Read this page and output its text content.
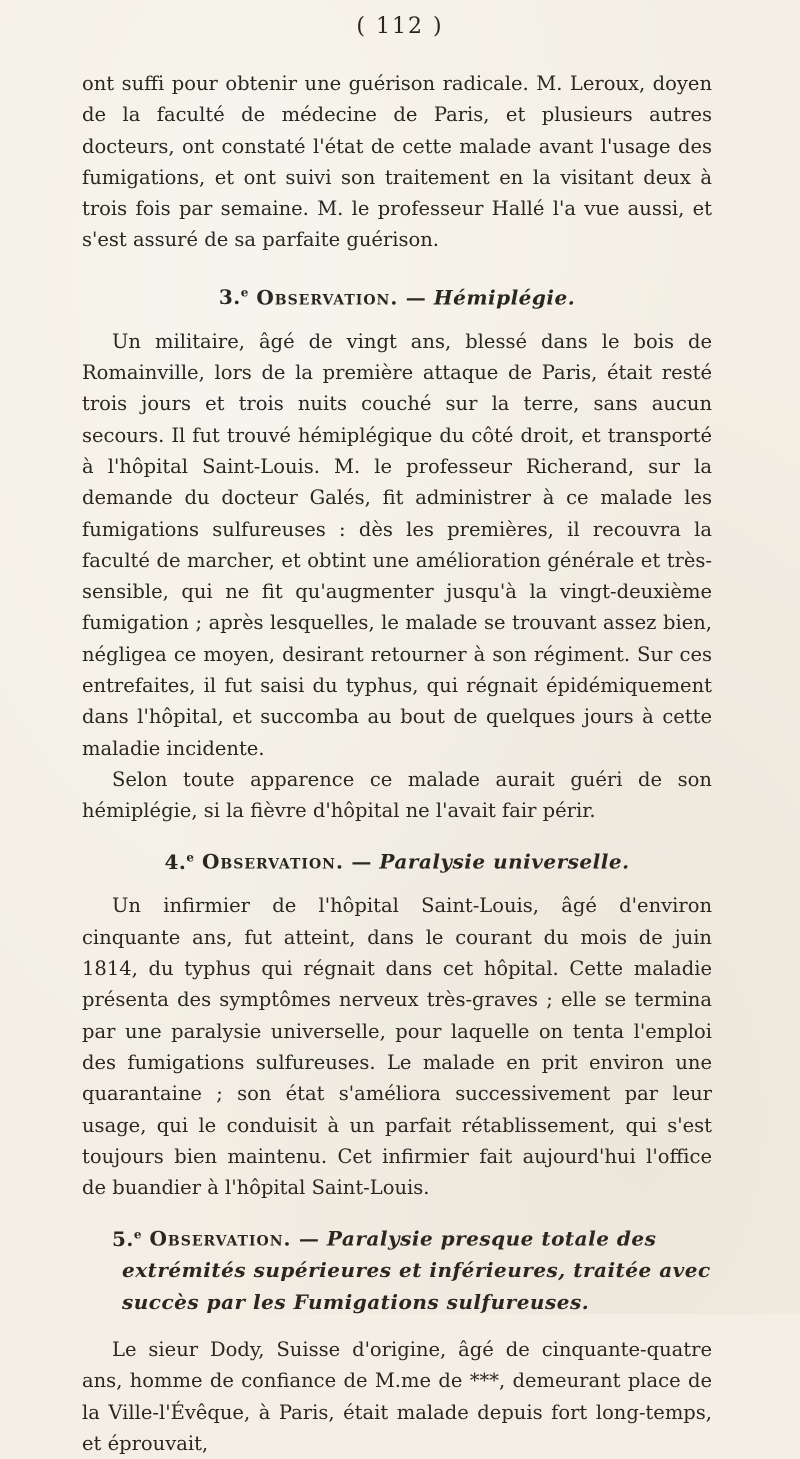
( 112 )

ont suffi pour obtenir une guérison radicale. M. Leroux, doyen de la faculté de médecine de Paris, et plusieurs autres docteurs, ont constaté l'état de cette malade avant l'usage des fumigations, et ont suivi son traitement en la visitant deux à trois fois par semaine. M. le professeur Hallé l'a vue aussi, et s'est assuré de sa parfaite guérison.

3.$^e$ Observation. — Hémiplégie.

Un militaire, âgé de vingt ans, blessé dans le bois de Romainville, lors de la première attaque de Paris, était resté trois jours et trois nuits couché sur la terre, sans aucun secours. Il fut trouvé hémiplégique du côté droit, et transporté à l'hôpital Saint-Louis. M. le professeur Richerand, sur la demande du docteur Galés, fit administrer à ce malade les fumigations sulfureuses : dès les premières, il recouvra la faculté de marcher, et obtint une amélioration générale et très-sensible, qui ne fit qu'augmenter jusqu'à la vingt-deuxième fumigation ; après lesquelles, le malade se trouvant assez bien, négligea ce moyen, desirant retourner à son régiment. Sur ces entrefaites, il fut saisi du typhus, qui régnait épidémiquement dans l'hôpital, et succomba au bout de quelques jours à cette maladie incidente.

Selon toute apparence ce malade aurait guéri de son hémiplégie, si la fièvre d'hôpital ne l'avait fair périr.

4.$^e$ Observation. — Paralysie universelle.

Un infirmier de l'hôpital Saint-Louis, âgé d'environ cinquante ans, fut atteint, dans le courant du mois de juin 1814, du typhus qui régnait dans cet hôpital. Cette maladie présenta des symptômes nerveux très-graves ; elle se termina par une paralysie universelle, pour laquelle on tenta l'emploi des fumigations sulfureuses. Le malade en prit environ une quarantaine ; son état s'améliora successivement par leur usage, qui le conduisit à un parfait rétablissement, qui s'est toujours bien maintenu. Cet infirmier fait aujourd'hui l'office de buandier à l'hôpital Saint-Louis.

5.$^e$ Observation. — Paralysie presque totale des extrémités supérieures et inférieures, traitée avec succès par les Fumigations sulfureuses.

Le sieur Dody, Suisse d'origine, âgé de cinquante-quatre ans, homme de confiance de M.me de ***, demeurant place de la Ville-l'Évêque, à Paris, était malade depuis fort long-temps, et éprouvait,
